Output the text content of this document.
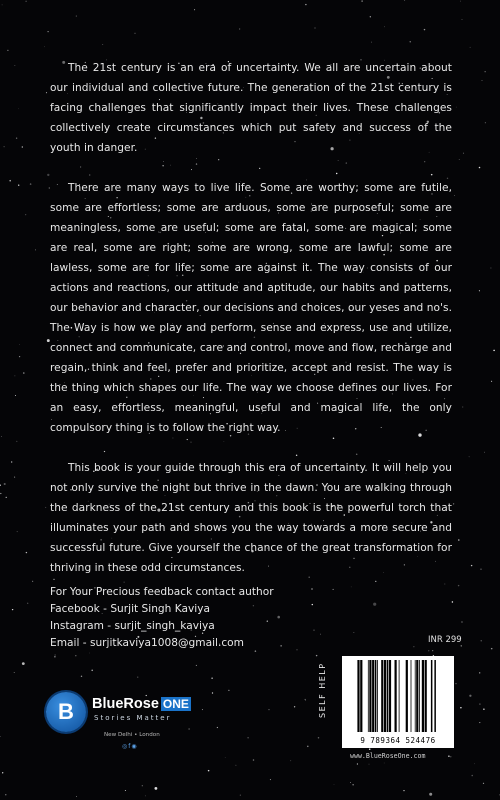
The 21st century is an era of uncertainty. We all are uncertain about our individual and collective future. The generation of the 21st century is facing challenges that significantly impact their lives. These challenges collectively create circumstances which put safety and success of the youth in danger.

There are many ways to live life. Some are worthy; some are futile, some are effortless; some are arduous, some are purposeful; some are meaningless, some are useful; some are fatal, some are magical; some are real, some are right; some are wrong, some are lawful; some are lawless, some are for life; some are against it. The way consists of our actions and reactions, our attitude and aptitude, our habits and patterns, our behavior and character, our decisions and choices, our yeses and no's. The Way is how we play and perform, sense and express, use and utilize, connect and communicate, care and control, move and flow, recharge and regain, think and feel, prefer and prioritize, accept and resist. The way is the thing which shapes our life. The way we choose defines our lives. For an easy, effortless, meaningful, useful and magical life, the only compulsory thing is to follow the right way.

This book is your guide through this era of uncertainty. It will help you not only survive the night but thrive in the dawn. You are walking through the darkness of the 21st century and this book is the powerful torch that illuminates your path and shows you the way towards a more secure and successful future. Give yourself the chance of the great transformation for thriving in these odd circumstances.

For Your Precious feedback contact author
Facebook - Surjit Singh Kaviya
Instagram - surjit_singh_kaviya
Email - surjitkaviya1008@gmail.com
B BlueRose ONE
Stories Matter
New Delhi • London
◎f◉
INR 299
SELF HELP
9 789364 524476
www.BlueRoseOne.com
